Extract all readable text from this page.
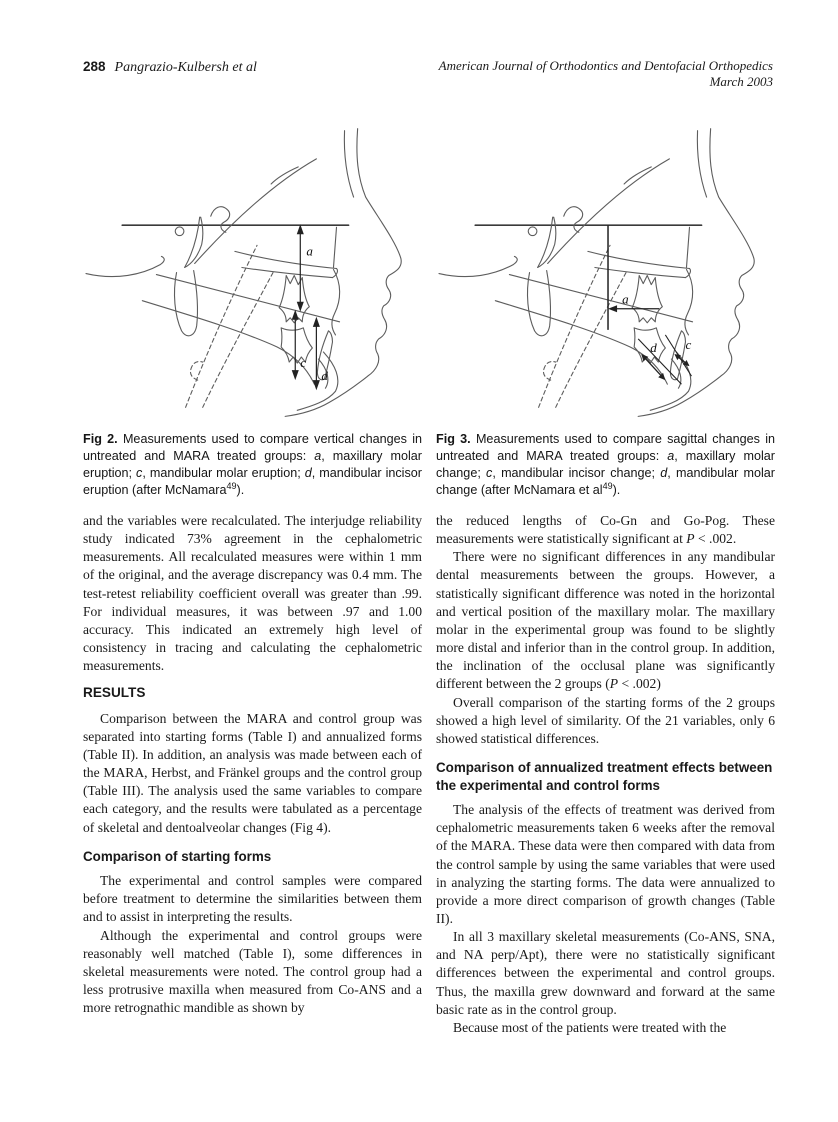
288 Pangrazio-Kulbersh et al	American Journal of Orthodontics and Dentofacial Orthopedics
March 2003
a
c
d
a
c
d

Fig 2. Measurements used to compare vertical changes in untreated and MARA treated groups: a, maxillary molar eruption; c, mandibular molar eruption; d, mandibular incisor eruption (after McNamara$^{49}$).

Fig 3. Measurements used to compare sagittal changes in untreated and MARA treated groups: a, maxillary molar change; c, mandibular incisor change; d, mandibular molar change (after McNamara et $al^{49}$).

and the variables were recalculated. The interjudge reliability study indicated 73% agreement in the cephalometric measurements. All recalculated measures were within 1 mm of the original, and the average discrepancy was 0.4 mm. The test-retest reliability coefficient overall was greater than .99. For individual measures, it was between .97 and 1.00 accuracy. This indicated an extremely high level of consistency in tracing and calculating the cephalometric measurements.

RESULTS

Comparison between the MARA and control group was separated into starting forms (Table I) and annualized forms (Table II). In addition, an analysis was made between each of the MARA, Herbst, and Fränkel groups and the control group (Table III). The analysis used the same variables to compare each category, and the results were tabulated as a percentage of skeletal and dentoalveolar changes (Fig 4).

Comparison of starting forms

The experimental and control samples were compared before treatment to determine the similarities between them and to assist in interpreting the results.

Although the experimental and control groups were reasonably well matched (Table I), some differences in skeletal measurements were noted. The control group had a less protrusive maxilla when measured from Co-ANS and a more retrognathic mandible as shown by

the reduced lengths of Co-Gn and Go-Pog. These measurements were statistically significant at P < .002.

There were no significant differences in any mandibular dental measurements between the groups. However, a statistically significant difference was noted in the horizontal and vertical position of the maxillary molar. The maxillary molar in the experimental group was found to be slightly more distal and inferior than in the control group. In addition, the inclination of the occlusal plane was significantly different between the 2 groups (P < .002)

Overall comparison of the starting forms of the 2 groups showed a high level of similarity. Of the 21 variables, only 6 showed statistical differences.

Comparison of annualized treatment effects between the experimental and control forms

The analysis of the effects of treatment was derived from cephalometric measurements taken 6 weeks after the removal of the MARA. These data were then compared with data from the control sample by using the same variables that were used in analyzing the starting forms. The data were annualized to provide a more direct comparison of growth changes (Table II).

In all 3 maxillary skeletal measurements (Co-ANS, SNA, and NA perp/Apt), there were no statistically significant differences between the experimental and control groups. Thus, the maxilla grew downward and forward at the same basic rate as in the control group.

Because most of the patients were treated with the
